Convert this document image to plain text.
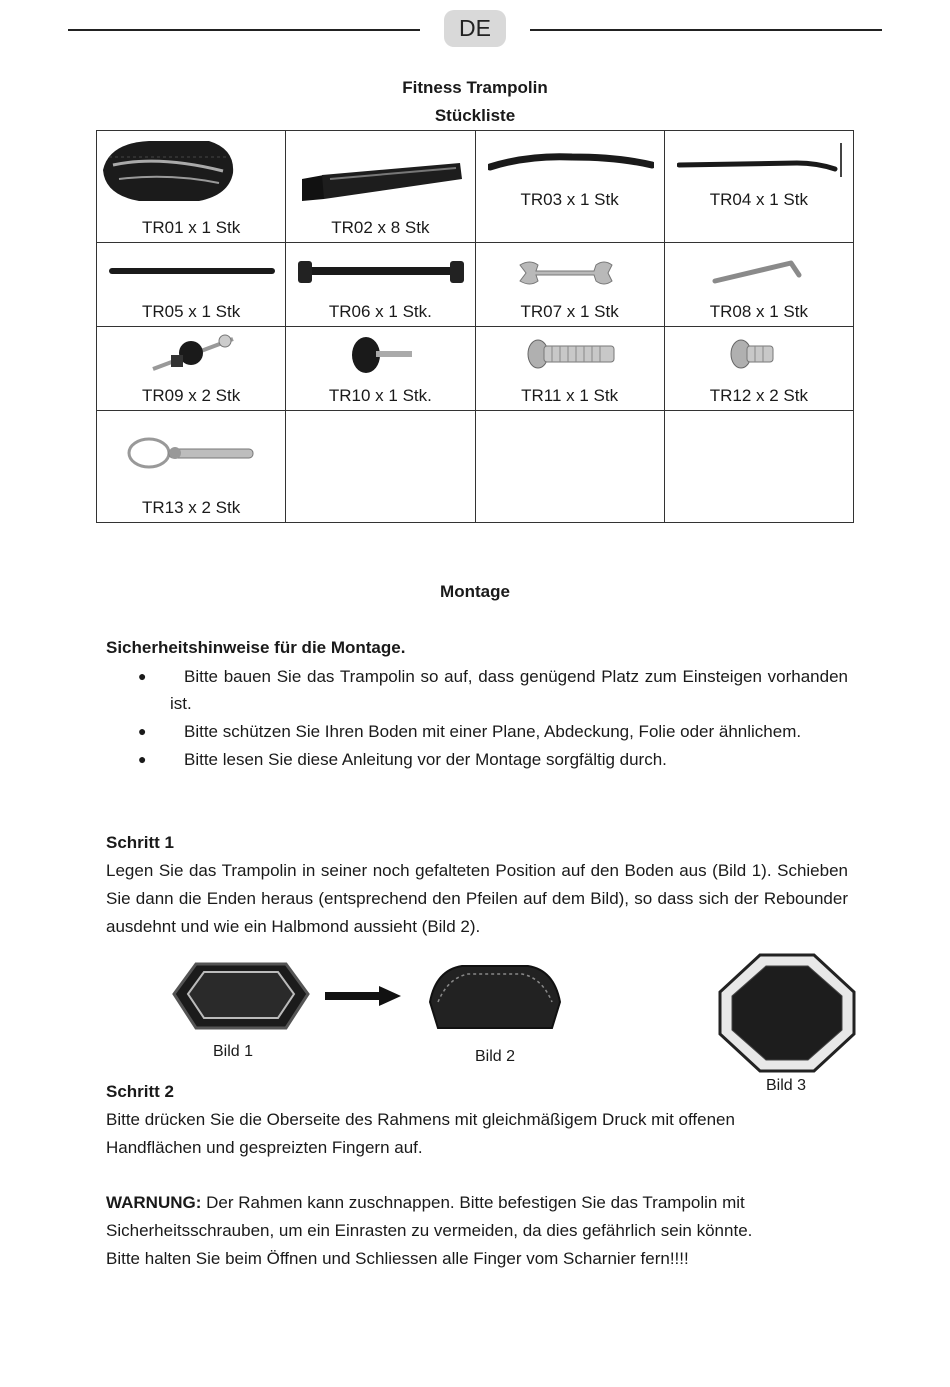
DE
Fitness Trampolin
Stückliste
TR01 x 1 Stk	TR02 x 8 Stk	TR03 x 1 Stk	TR04 x 1 Stk

TR05 x 1 Stk	TR06 x 1 Stk.	TR07 x 1 Stk	TR08 x 1 Stk

TR09 x 2 Stk	TR10 x 1 Stk.	TR11 x 1 Stk	TR12 x 2 Stk

TR13 x 2 Stk			

Montage
Sicherheitshinweise für die Montage.
●	Bitte bauen Sie das Trampolin so auf, dass genügend Platz zum Einsteigen vorhanden ist.
●	Bitte schützen Sie Ihren Boden mit einer Plane, Abdeckung, Folie oder ähnlichem.
●	Bitte lesen Sie diese Anleitung vor der Montage sorgfältig durch.
Schritt 1
Legen Sie das Trampolin in seiner noch gefalteten Position auf den Boden aus (Bild 1). Schieben Sie dann die Enden heraus (entsprechend den Pfeilen auf dem Bild), so dass sich der Rebounder ausdehnt und wie ein Halbmond aussieht (Bild 2).
Bild 1	Bild 2
Bild 3
Schritt 2
Bitte drücken Sie die Oberseite des Rahmens mit gleichmäßigem Druck mit offenen Handflächen und gespreizten Fingern auf.
WARNUNG: Der Rahmen kann zuschnappen. Bitte befestigen Sie das Trampolin mit
Sicherheitsschrauben, um ein Einrasten zu vermeiden, da dies gefährlich sein könnte.
Bitte halten Sie beim Öffnen und Schliessen alle Finger vom Scharnier fern!!!!
